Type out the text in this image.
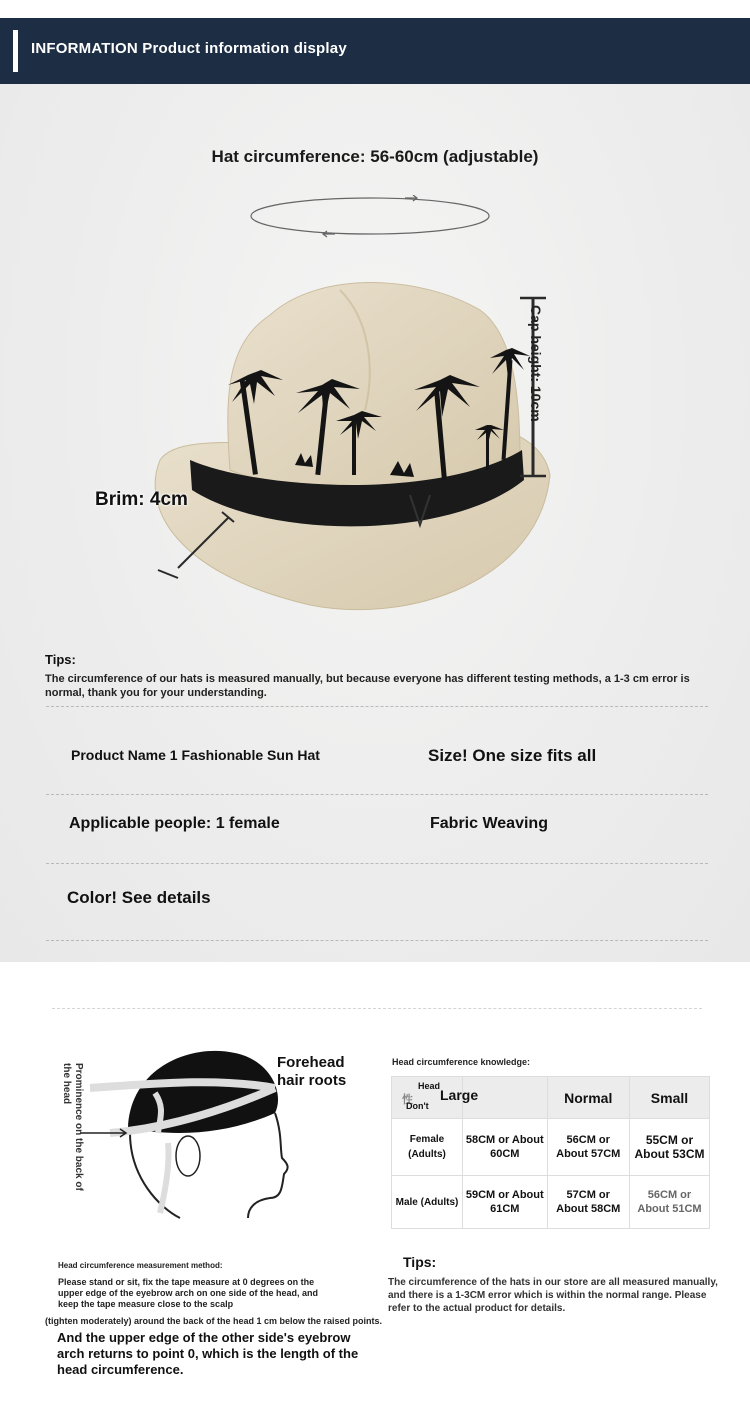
INFORMATION Product information display
Hat circumference: 56-60cm (adjustable)
Cap height: 10cm
Brim: 4cm
Tips:
The circumference of our hats is measured manually, but because everyone has different testing methods, a 1-3 cm error is normal, thank you for your understanding.
Product Name 1 Fashionable Sun Hat	Size! One size fits all
Applicable people: 1 female	Fabric Weaving
Color! See details
Prominence on the back of the head
Forehead hair roots
Head circumference knowledge:
Head
性
Don't
Large		Normal	Small
Female (Adults)	58CM or About 60CM	56CM or About 57CM	55CM or About 53CM
Male (Adults)	59CM or About 61CM	57CM or About 58CM	56CM or About 51CM
Head circumference measurement method:
Please stand or sit, fix the tape measure at 0 degrees on the upper edge of the eyebrow arch on one side of the head, and keep the tape measure close to the scalp
(tighten moderately) around the back of the head 1 cm below the raised points.
And the upper edge of the other side's eyebrow arch returns to point 0, which is the length of the head circumference.
Tips:
The circumference of the hats in our store are all measured manually, and there is a 1-3CM error which is within the normal range. Please refer to the actual product for details.
